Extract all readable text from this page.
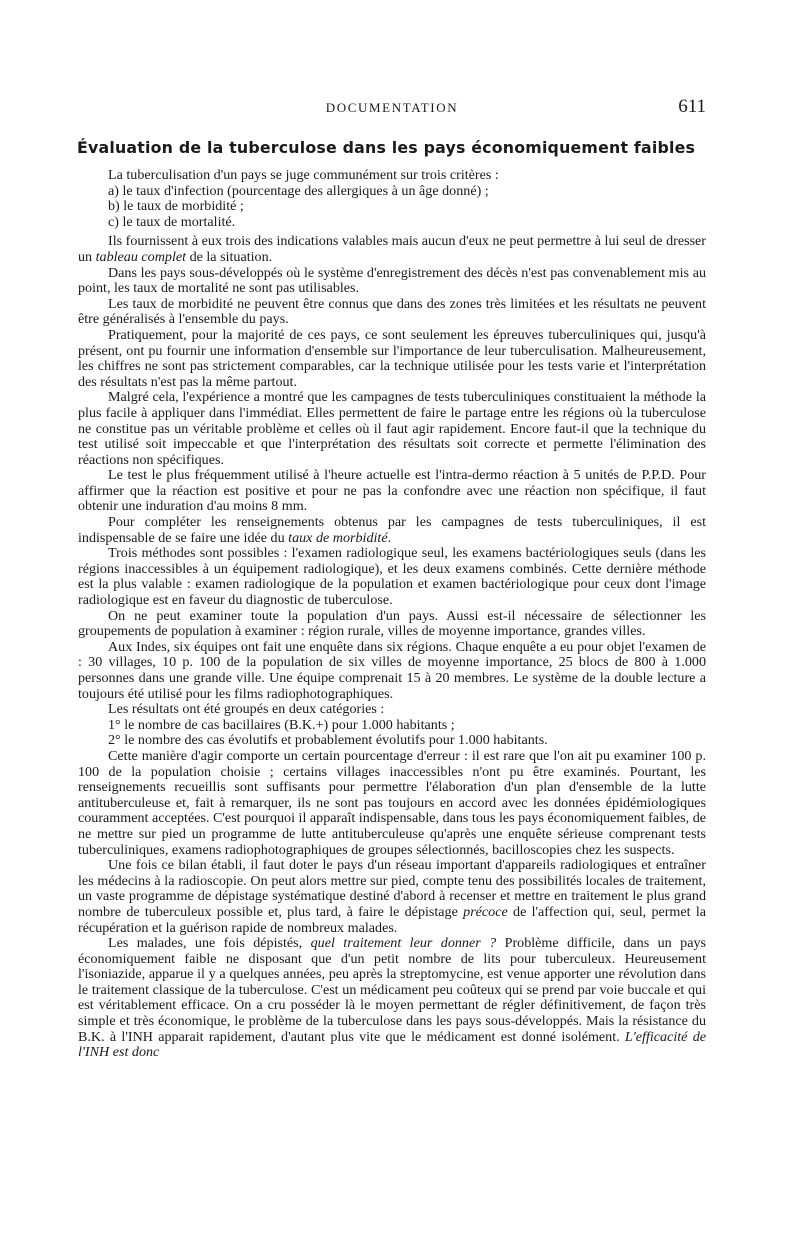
DOCUMENTATION	611
Évaluation de la tuberculose dans les pays économiquement faibles

La tuberculisation d'un pays se juge communément sur trois critères :

a) le taux d'infection (pourcentage des allergiques à un âge donné) ;

b) le taux de morbidité ;

c) le taux de mortalité.

Ils fournissent à eux trois des indications valables mais aucun d'eux ne peut permettre à lui seul de dresser un tableau complet de la situation.

Dans les pays sous-développés où le système d'enregistrement des décès n'est pas convenablement mis au point, les taux de mortalité ne sont pas utilisables.

Les taux de morbidité ne peuvent être connus que dans des zones très limitées et les résultats ne peuvent être généralisés à l'ensemble du pays.

Pratiquement, pour la majorité de ces pays, ce sont seulement les épreuves tuberculiniques qui, jusqu'à présent, ont pu fournir une information d'ensemble sur l'importance de leur tuberculisation. Malheureusement, les chiffres ne sont pas strictement comparables, car la technique utilisée pour les tests varie et l'interprétation des résultats n'est pas la même partout.

Malgré cela, l'expérience a montré que les campagnes de tests tuberculiniques constituaient la méthode la plus facile à appliquer dans l'immédiat. Elles permettent de faire le partage entre les régions où la tuberculose ne constitue pas un véritable problème et celles où il faut agir rapidement. Encore faut-il que la technique du test utilisé soit impeccable et que l'interprétation des résultats soit correcte et permette l'élimination des réactions non spécifiques.

Le test le plus fréquemment utilisé à l'heure actuelle est l'intra-dermo réaction à 5 unités de P.P.D. Pour affirmer que la réaction est positive et pour ne pas la confondre avec une réaction non spécifique, il faut obtenir une induration d'au moins 8 mm.

Pour compléter les renseignements obtenus par les campagnes de tests tuberculiniques, il est indispensable de se faire une idée du taux de morbidité.

Trois méthodes sont possibles : l'examen radiologique seul, les examens bactériologiques seuls (dans les régions inaccessibles à un équipement radiologique), et les deux examens combinés. Cette dernière méthode est la plus valable : examen radiologique de la population et examen bactériologique pour ceux dont l'image radiologique est en faveur du diagnostic de tuberculose.

On ne peut examiner toute la population d'un pays. Aussi est-il nécessaire de sélectionner les groupements de population à examiner : région rurale, villes de moyenne importance, grandes villes.

Aux Indes, six équipes ont fait une enquête dans six régions. Chaque enquête a eu pour objet l'examen de : 30 villages, 10 p. 100 de la population de six villes de moyenne importance, 25 blocs de 800 à 1.000 personnes dans une grande ville. Une équipe comprenait 15 à 20 membres. Le système de la double lecture a toujours été utilisé pour les films radiophotographiques.

Les résultats ont été groupés en deux catégories :

1° le nombre de cas bacillaires (B.K.+) pour 1.000 habitants ;

2° le nombre des cas évolutifs et probablement évolutifs pour 1.000 habitants.

Cette manière d'agir comporte un certain pourcentage d'erreur : il est rare que l'on ait pu examiner 100 p. 100 de la population choisie ; certains villages inaccessibles n'ont pu être examinés. Pourtant, les renseignements recueillis sont suffisants pour permettre l'élaboration d'un plan d'ensemble de la lutte antituberculeuse et, fait à remarquer, ils ne sont pas toujours en accord avec les données épidémiologiques couramment acceptées. C'est pourquoi il apparaît indispensable, dans tous les pays économiquement faibles, de ne mettre sur pied un programme de lutte antituberculeuse qu'après une enquête sérieuse comprenant tests tuberculiniques, examens radiophotographiques de groupes sélectionnés, bacilloscopies chez les suspects.

Une fois ce bilan établi, il faut doter le pays d'un réseau important d'appareils radiologiques et entraîner les médecins à la radioscopie. On peut alors mettre sur pied, compte tenu des possibilités locales de traitement, un vaste programme de dépistage systématique destiné d'abord à recenser et mettre en traitement le plus grand nombre de tuberculeux possible et, plus tard, à faire le dépistage précoce de l'affection qui, seul, permet la récupération et la guérison rapide de nombreux malades.

Les malades, une fois dépistés, quel traitement leur donner ? Problème difficile, dans un pays économiquement faible ne disposant que d'un petit nombre de lits pour tuberculeux. Heureusement l'isoniazide, apparue il y a quelques années, peu après la streptomycine, est venue apporter une révolution dans le traitement classique de la tuberculose. C'est un médicament peu coûteux qui se prend par voie buccale et qui est véritablement efficace. On a cru posséder là le moyen permettant de régler définitivement, de façon très simple et très économique, le problème de la tuberculose dans les pays sous-développés. Mais la résistance du B.K. à l'INH apparait rapidement, d'autant plus vite que le médicament est donné isolément. L'efficacité de l'INH est donc
